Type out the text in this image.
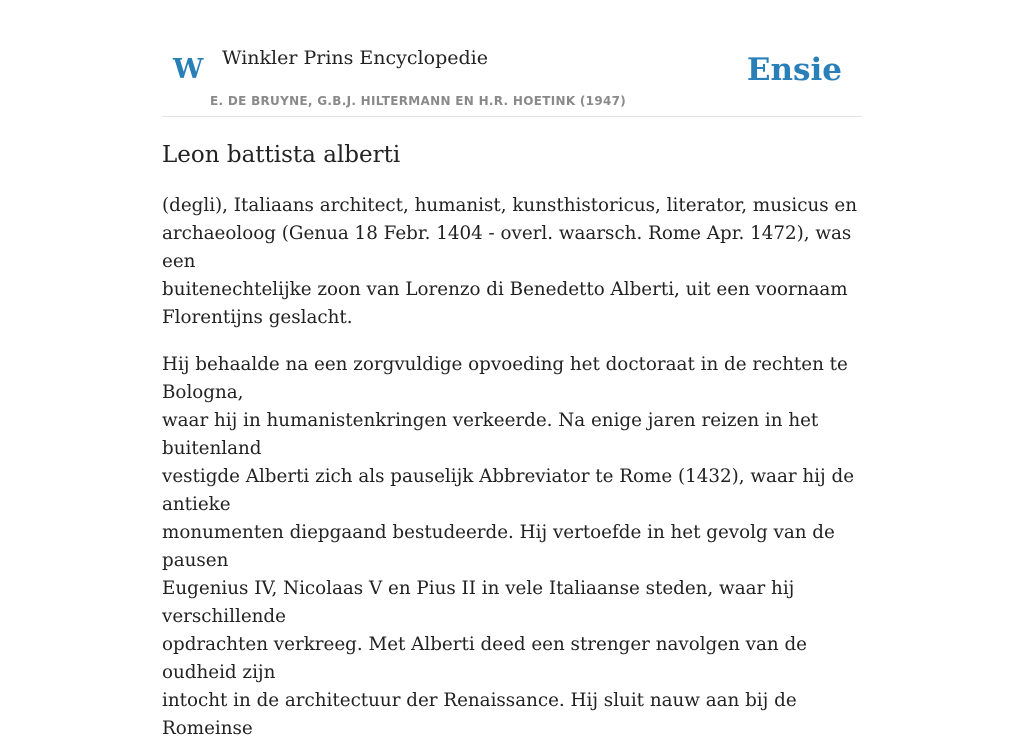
W Winkler Prins Encyclopedie
E. DE BRUYNE, G.B.J. HILTERMANN EN H.R. HOETINK (1947)
Ensie
Leon battista alberti

(degli), Italiaans architect, humanist, kunsthistoricus, literator, musicus en
archaeoloog (Genua 18 Febr. 1404 - overl. waarsch. Rome Apr. 1472), was een
buitenechtelijke zoon van Lorenzo di Benedetto Alberti, uit een voornaam
Florentijns geslacht.

Hij behaalde na een zorgvuldige opvoeding het doctoraat in de rechten te Bologna,
waar hij in humanistenkringen verkeerde. Na enige jaren reizen in het buitenland
vestigde Alberti zich als pauselijk Abbreviator te Rome (1432), waar hij de antieke
monumenten diepgaand bestudeerde. Hij vertoefde in het gevolg van de pausen
Eugenius IV, Nicolaas V en Pius II in vele Italiaanse steden, waar hij verschillende
opdrachten verkreeg. Met Alberti deed een strenger navolgen van de oudheid zijn
intocht in de architectuur der Renaissance. Hij sluit nauw aan bij de Romeinse
